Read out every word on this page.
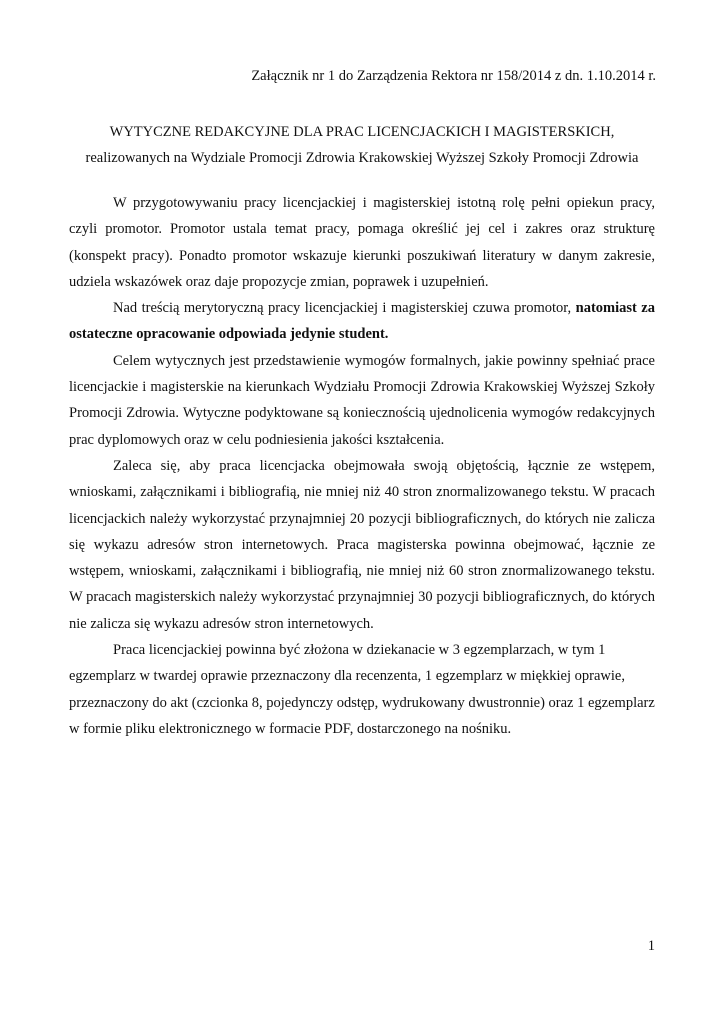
Załącznik nr 1 do Zarządzenia Rektora nr 158/2014 z dn. 1.10.2014 r.
WYTYCZNE REDAKCYJNE DLA PRAC LICENCJACKICH I MAGISTERSKICH,
realizowanych na Wydziale Promocji Zdrowia Krakowskiej Wyższej Szkoły Promocji Zdrowia

W przygotowywaniu pracy licencjackiej i magisterskiej istotną rolę pełni opiekun pracy, czyli promotor. Promotor ustala temat pracy, pomaga określić jej cel i zakres oraz strukturę (konspekt pracy). Ponadto promotor wskazuje kierunki poszukiwań literatury w danym zakresie, udziela wskazówek oraz daje propozycje zmian, poprawek i uzupełnień.

Nad treścią merytoryczną pracy licencjackiej i magisterskiej czuwa promotor, natomiast za ostateczne opracowanie odpowiada jedynie student.

Celem wytycznych jest przedstawienie wymogów formalnych, jakie powinny spełniać prace licencjackie i magisterskie na kierunkach Wydziału Promocji Zdrowia Krakowskiej Wyższej Szkoły Promocji Zdrowia. Wytyczne podyktowane są koniecznością ujednolicenia wymogów redakcyjnych prac dyplomowych oraz w celu podniesienia jakości kształcenia.

Zaleca się, aby praca licencjacka obejmowała swoją objętością, łącznie ze wstępem, wnioskami, załącznikami i bibliografią, nie mniej niż 40 stron znormalizowanego tekstu. W pracach licencjackich należy wykorzystać przynajmniej 20 pozycji bibliograficznych, do których nie zalicza się wykazu adresów stron internetowych. Praca magisterska powinna obejmować, łącznie ze wstępem, wnioskami, załącznikami i bibliografią, nie mniej niż 60 stron znormalizowanego tekstu. W pracach magisterskich należy wykorzystać przynajmniej 30 pozycji bibliograficznych, do których nie zalicza się wykazu adresów stron internetowych.

Praca licencjackiej powinna być złożona w dziekanacie w 3 egzemplarzach, w tym 1 egzemplarz w twardej oprawie przeznaczony dla recenzenta, 1 egzemplarz w miękkiej oprawie, przeznaczony do akt (czcionka 8, pojedynczy odstęp, wydrukowany dwustronnie) oraz 1 egzemplarz w formie pliku elektronicznego w formacie PDF, dostarczonego na nośniku.

1
